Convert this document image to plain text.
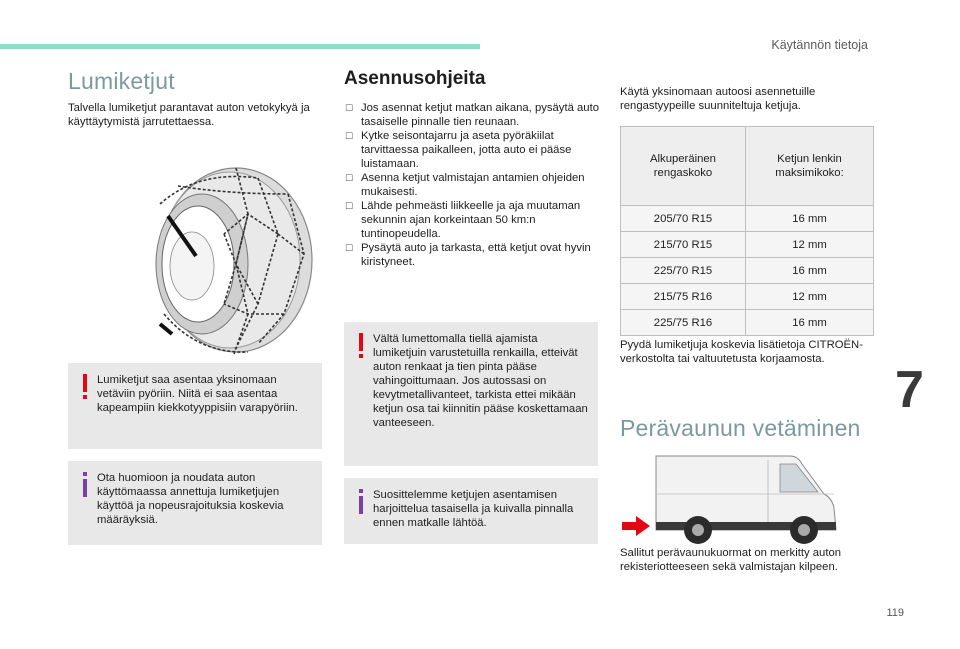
Käytännön tietoja
7
119
Lumiketjut
Talvella lumiketjut parantavat auton vetokykyä ja käyttäytymistä jarrutettaessa.
Lumiketjut saa asentaa yksinomaan vetäviin pyöriin. Niitä ei saa asentaa kapeampiin kiekkotyyppisiin varapyöriin.
Ota huomioon ja noudata auton käyttömaassa annettuja lumiketjujen käyttöä ja nopeusrajoituksia koskevia määräyksiä.
Asennusohjeita
☐ Jos asennat ketjut matkan aikana, pysäytä auto tasaiselle pinnalle tien reunaan.
☐ Kytke seisontajarru ja aseta pyöräkiilat tarvittaessa paikalleen, jotta auto ei pääse luistamaan.
☐ Asenna ketjut valmistajan antamien ohjeiden mukaisesti.
☐ Lähde pehmeästi liikkeelle ja aja muutaman sekunnin ajan korkeintaan 50 km:n tuntinopeudella.
☐ Pysäytä auto ja tarkasta, että ketjut ovat hyvin kiristyneet.
Vältä lumettomalla tiellä ajamista lumiketjuin varustetuilla renkailla, etteivät auton renkaat ja tien pinta pääse vahingoittumaan. Jos autossasi on kevytmetallivanteet, tarkista ettei mikään ketjun osa tai kiinnitin pääse koskettamaan vanteeseen.
Suosittelemme ketjujen asentamisen harjoittelua tasaisella ja kuivalla pinnalla ennen matkalle lähtöä.
Käytä yksinomaan autoosi asennetuille rengastyypeille suunniteltuja ketjuja.
Alkuperäinen rengaskoko	Ketjun lenkin maksimikoko:
205/70 R15	16 mm
215/70 R15	12 mm
225/70 R15	16 mm
215/75 R16	12 mm
225/75 R16	16 mm
Pyydä lumiketjuja koskevia lisätietoja CITROËN-verkostolta tai valtuutetusta korjaamosta.
Perävaunun vetäminen
Sallitut perävaunukuormat on merkitty auton rekisteriotteeseen sekä valmistajan kilpeen.
